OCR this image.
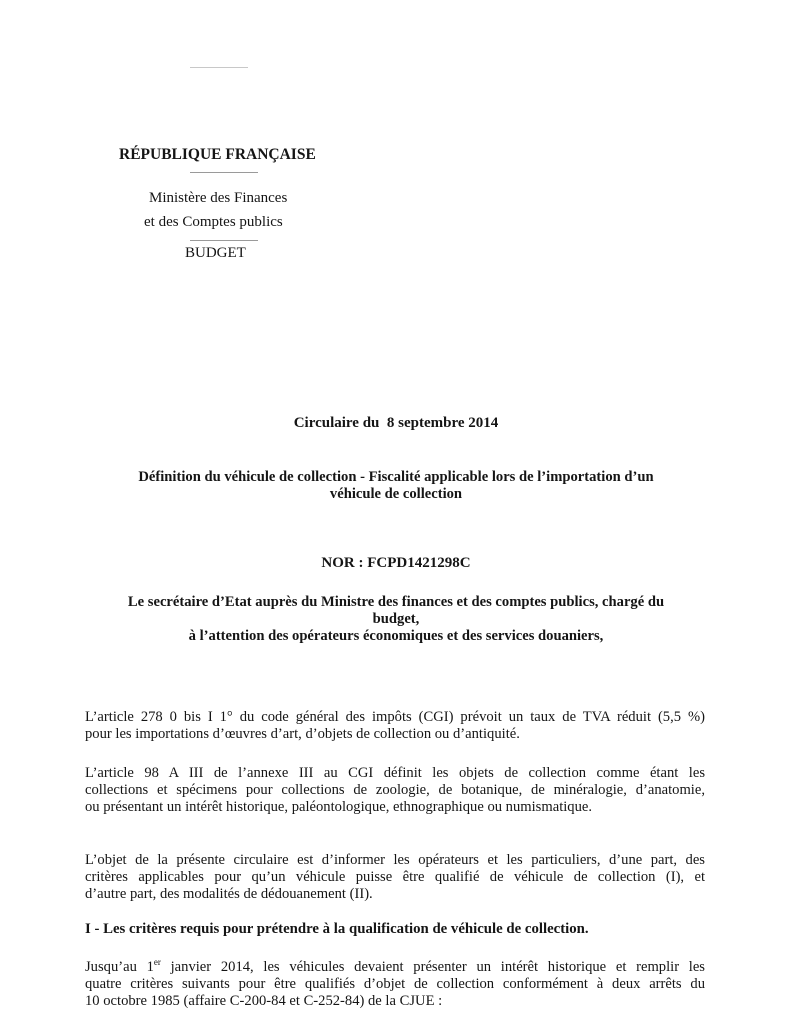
RÉPUBLIQUE FRANÇAISE
Ministère des Finances
et des Comptes publics
BUDGET
Circulaire du  8 septembre 2014
Définition du véhicule de collection - Fiscalité applicable lors de l’importation d’un
véhicule de collection
NOR : FCPD1421298C
Le secrétaire d’Etat auprès du Ministre des finances et des comptes publics, chargé du
budget,
à l’attention des opérateurs économiques et des services douaniers,
L’article 278 0 bis I 1° du code général des impôts (CGI) prévoit un taux de TVA réduit (5,5 %)
pour les importations d’œuvres d’art, d’objets de collection ou d’antiquité.
L’article 98 A III de l’annexe III au CGI définit les objets de collection comme étant les
collections et spécimens pour collections de zoologie, de botanique, de minéralogie, d’anatomie,
ou présentant un intérêt historique, paléontologique, ethnographique ou numismatique.
L’objet de la présente circulaire est d’informer les opérateurs et les particuliers, d’une part, des
critères applicables pour qu’un véhicule puisse être qualifié de véhicule de collection (I), et
d’autre part, des modalités de dédouanement (II).
I - Les critères requis pour prétendre à la qualification de véhicule de collection.
Jusqu’au 1er janvier 2014, les véhicules devaient présenter un intérêt historique et remplir les
quatre critères suivants pour être qualifiés d’objet de collection conformément à deux arrêts du
10 octobre 1985 (affaire C-200-84 et C-252-84) de la CJUE :
